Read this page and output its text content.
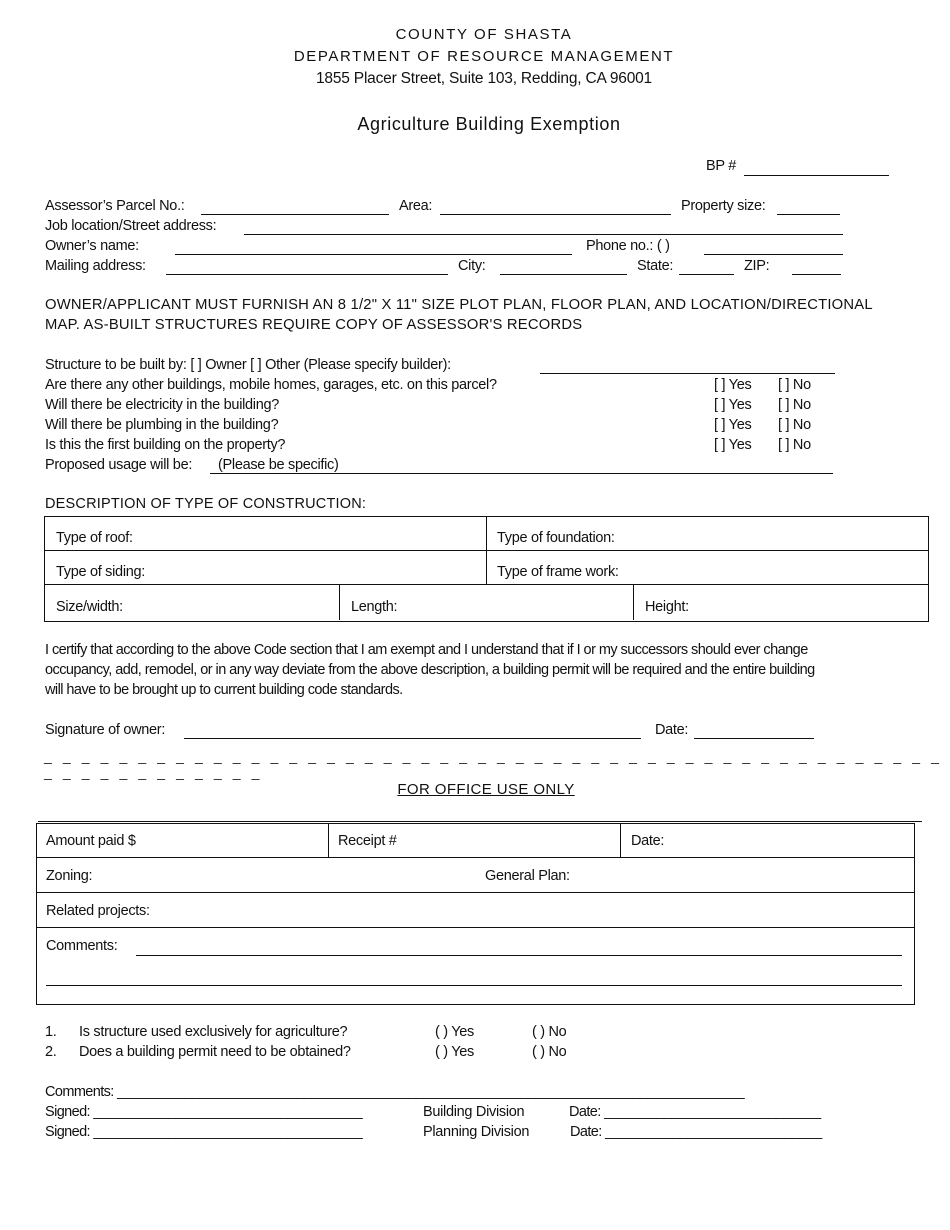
COUNTY OF SHASTA
DEPARTMENT OF RESOURCE MANAGEMENT
1855 Placer Street, Suite 103, Redding, CA 96001
Agriculture Building Exemption
BP #
Assessor’s Parcel No.:	Area:	Property size:
Job location/Street address:
Owner’s name:	Phone no.: ( )
Mailing address:	City:	State:	ZIP:
OWNER/APPLICANT MUST FURNISH AN 8 1/2" X 11" SIZE PLOT PLAN, FLOOR PLAN, AND LOCATION/DIRECTIONAL
MAP. AS-BUILT STRUCTURES REQUIRE COPY OF ASSESSOR'S RECORDS
Structure to be built by: [ ] Owner [ ] Other (Please specify builder):
Are there any other buildings, mobile homes, garages, etc. on this parcel?	[ ] Yes [ ] No
Will there be electricity in the building?	[ ] Yes [ ] No
Will there be plumbing in the building?	[ ] Yes [ ] No
Is this the first building on the property?	[ ] Yes [ ] No
Proposed usage will be: (Please be specific)
DESCRIPTION OF TYPE OF CONSTRUCTION:
Type of roof:	Type of foundation:
Type of siding:	Type of frame work:
Size/width:	Length:	Height:
I certify that according to the above Code section that I am exempt and I understand that if I or my successors should ever change
occupancy, add, remodel, or in any way deviate from the above description, a building permit will be required and the entire building
will have to be brought up to current building code standards.
Signature of owner:	Date:
_ _ _ _ _ _ _ _ _ _ _ _ _ _ _ _ _ _ _ _ _ _ _ _ _ _ _ _ _ _ _ _ _ _ _ _ _ _ _ _ _ _ _ _ _ _ _ _ _ _ _ _ _ _ _ _ _ _ _ _
FOR OFFICE USE ONLY
Amount paid $	Receipt #	Date:
Zoning:	General Plan:
Related projects:
Comments:
1. Is structure used exclusively for agriculture?	( ) Yes	( ) No
2. Does a building permit need to be obtained?	( ) Yes	( ) No
Comments: ____________________________________________________________________________________
Signed: ____________________________________	Building Division	Date: _____________________________
Signed: ____________________________________	Planning Division	Date: _____________________________
